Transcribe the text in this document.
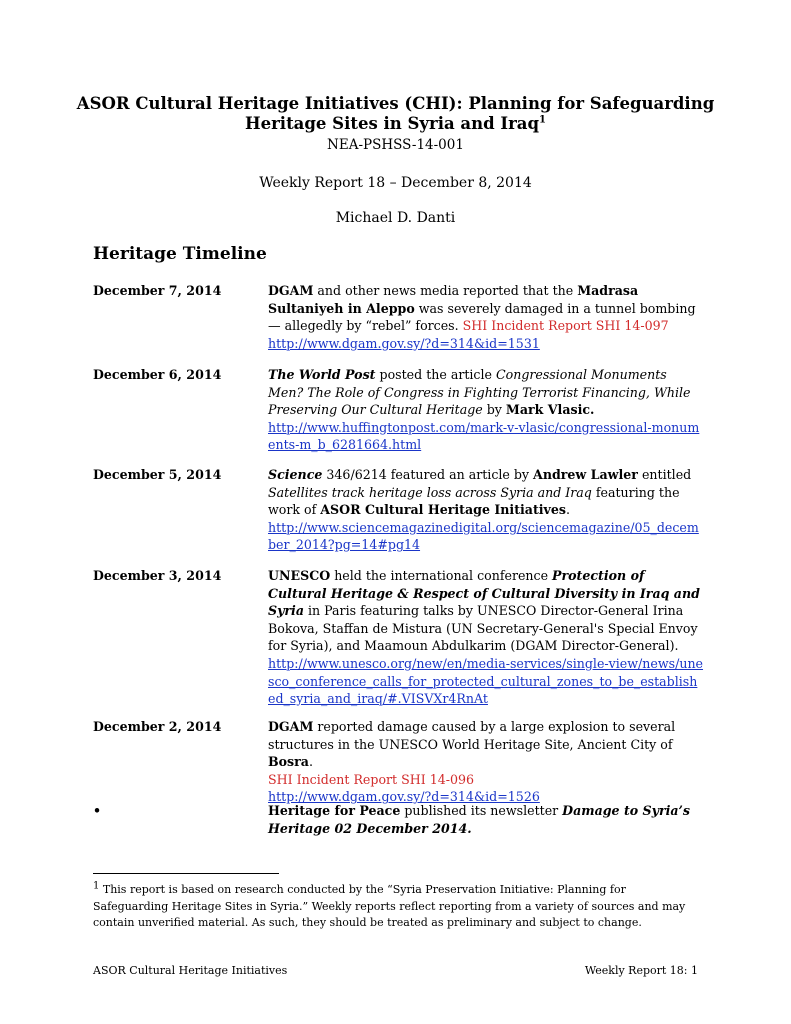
ASOR Cultural Heritage Initiatives (CHI): Planning for Safeguarding
Heritage Sites in Syria and Iraq$^1$
NEA-PSHSS-14-001
Weekly Report 18 – December 8, 2014
Michael D. Danti
Heritage Timeline
December 7, 2014	DGAM and other news media reported that the Madrasa Sultaniyeh in Aleppo was severely damaged in a tunnel bombing — allegedly by “rebel” forces. SHI Incident Report SHI 14-097
http://www.dgam.gov.sy/?d=314&id=1531
December 6, 2014	The World Post posted the article Congressional Monuments Men? The Role of Congress in Fighting Terrorist Financing, While Preserving Our Cultural Heritage by Mark Vlasic.
http://www.huffingtonpost.com/mark-v-vlasic/congressional-monuments-m_b_6281664.html
December 5, 2014	Science 346/6214 featured an article by Andrew Lawler entitled Satellites track heritage loss across Syria and Iraq featuring the work of ASOR Cultural Heritage Initiatives.
http://www.sciencemagazinedigital.org/sciencemagazine/05_december_2014?pg=14#pg14
December 3, 2014	UNESCO held the international conference Protection of Cultural Heritage & Respect of Cultural Diversity in Iraq and Syria in Paris featuring talks by UNESCO Director-General Irina Bokova, Staffan de Mistura (UN Secretary-General's Special Envoy for Syria), and Maamoun Abdulkarim (DGAM Director-General).
http://www.unesco.org/new/en/media-services/single-view/news/unesco_conference_calls_for_protected_cultural_zones_to_be_established_syria_and_iraq/#.VISVXr4RnAt
December 2, 2014	DGAM reported damage caused by a large explosion to several structures in the UNESCO World Heritage Site, Ancient City of Bosra.
SHI Incident Report SHI 14-096
http://www.dgam.gov.sy/?d=314&id=1526
•	Heritage for Peace published its newsletter Damage to Syria’s Heritage 02 December 2014.
$^1$ This report is based on research conducted by the “Syria Preservation Initiative: Planning for Safeguarding Heritage Sites in Syria.” Weekly reports reflect reporting from a variety of sources and may contain unverified material. As such, they should be treated as preliminary and subject to change.
ASOR Cultural Heritage Initiatives	Weekly Report 18: 1
